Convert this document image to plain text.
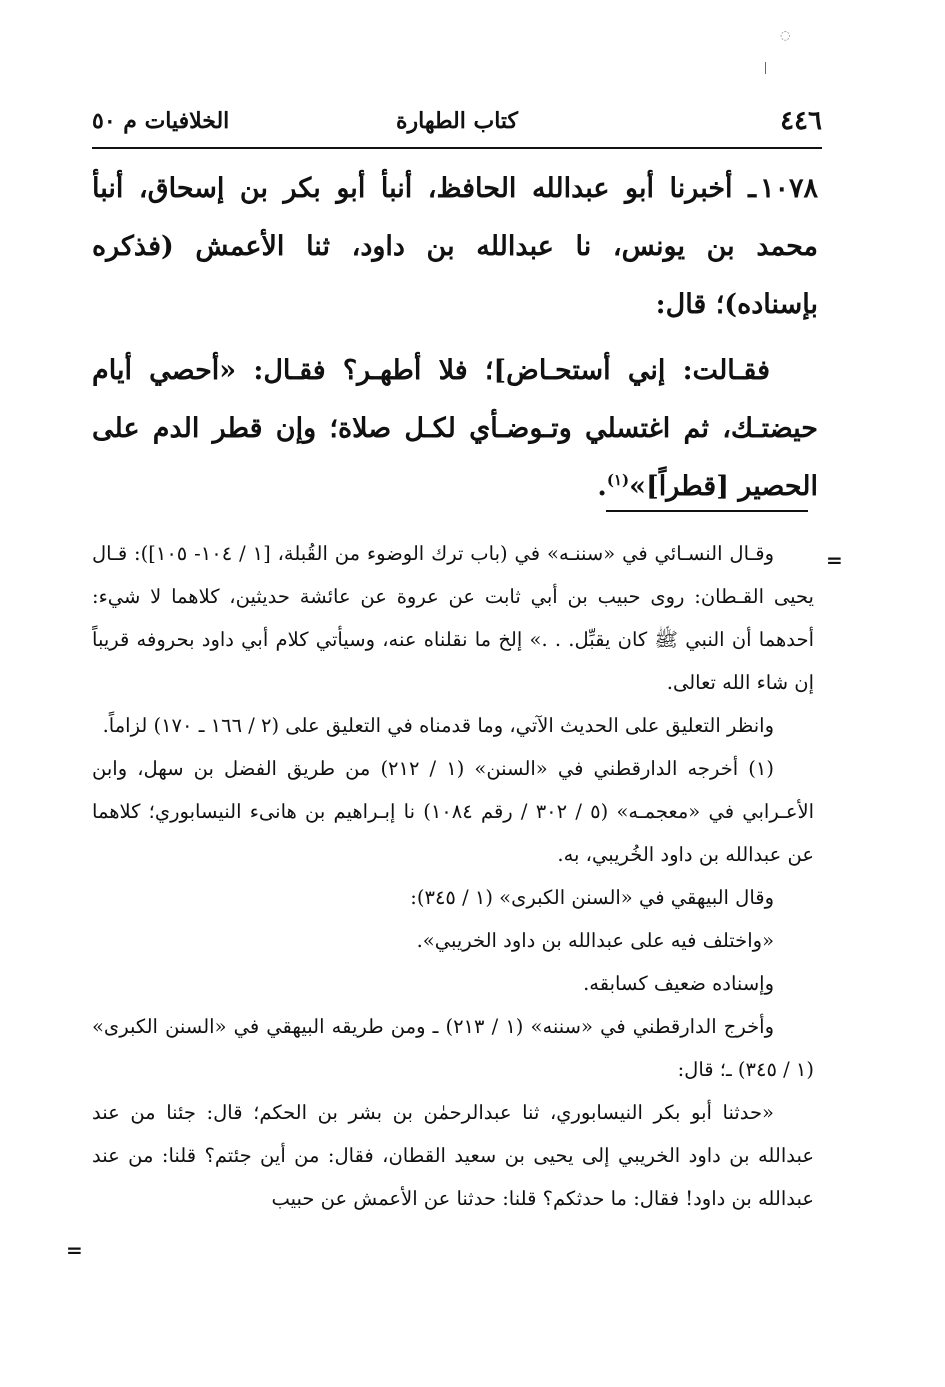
◌
الخلافيات م ٥٠	كتاب الطهارة	٤٤٦

١٠٧٨ـ أخبرنا أبو عبدالله الحافظ، أنبأ أبو بكر بن إسحاق، أنبأ محمد بن يونس، نا عبدالله بن داود، ثنا الأعمش (فذكره بإسناده)؛ قال:

فقـالت: إني أستحـاض]؛ فلا أطهـر؟ فقـال: «أحصي أيام حيضتـك، ثم اغتسلي وتـوضـأي لكـل صلاة؛ وإن قطر الدم على الحصير [قطراً]»$^{(١)}$.

=

وقـال النسـائي في «سننـه» في (باب ترك الوضوء من القُبلة، [١ / ١٠٤- ١٠٥]): قـال يحيى القـطان: روى حبيب بن أبي ثابت عن عروة عن عائشة حديثين، كلاهما لا شيء: أحدهما أن النبي ﷺ كان يقبِّل. . .» إلخ ما نقلناه عنه، وسيأتي كلام أبي داود بحروفه قريباً إن شاء الله تعالى.

وانظر التعليق على الحديث الآتي، وما قدمناه في التعليق على (٢ / ١٦٦ ـ ١٧٠) لزاماً.

(١) أخرجه الدارقطني في «السنن» (١ / ٢١٢) من طريق الفضل بن سهل، وابن الأعـرابي في «معجمـه» (٥ / ٣٠٢ / رقم ١٠٨٤) نا إبـراهيم بن هانىء النيسابوري؛ كلاهما عن عبدالله بن داود الخُريبي، به.

وقال البيهقي في «السنن الكبرى» (١ / ٣٤٥):

«واختلف فيه على عبدالله بن داود الخريبي».

وإسناده ضعيف كسابقه.

وأخرج الدارقطني في «سننه» (١ / ٢١٣) ـ ومن طريقه البيهقي في «السنن الكبرى» (١ / ٣٤٥) ـ؛ قال:

«حدثنا أبو بكر النيسابوري، ثنا عبدالرحمٰن بن بشر بن الحكم؛ قال: جئنا من عند عبدالله بن داود الخريبي إلى يحيى بن سعيد القطان، فقال: من أين جئتم؟ قلنا: من عند عبدالله بن داود! فقال: ما حدثكم؟ قلنا: حدثنا عن الأعمش عن حبيب

=
